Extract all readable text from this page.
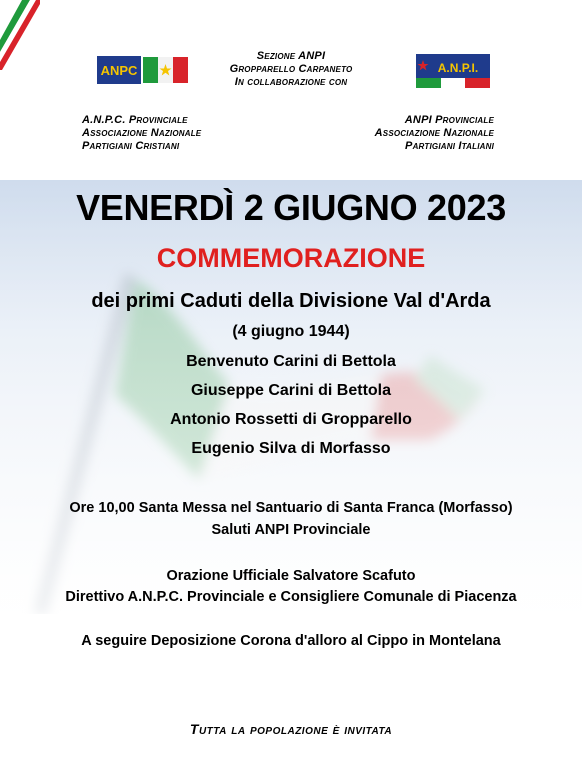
ANPC	A.N.P.I.
Sezione ANPI
Gropparello Carpaneto
In collaborazione con
A.N.P.C. Provinciale
Associazione Nazionale
Partigiani Cristiani
ANPI Provinciale
Associazione Nazionale
Partigiani Italiani
VENERDÌ 2 GIUGNO 2023
COMMEMORAZIONE
dei primi Caduti della Divisione Val d'Arda
(4 giugno 1944)
Benvenuto Carini di Bettola
Giuseppe Carini di Bettola
Antonio Rossetti di Gropparello
Eugenio Silva di Morfasso
Ore 10,00 Santa Messa nel Santuario di Santa Franca (Morfasso)
Saluti ANPI Provinciale
Orazione Ufficiale Salvatore Scafuto
Direttivo A.N.P.C. Provinciale e Consigliere Comunale di Piacenza
A seguire Deposizione Corona d'alloro al Cippo in Montelana
Tutta la popolazione è invitata
